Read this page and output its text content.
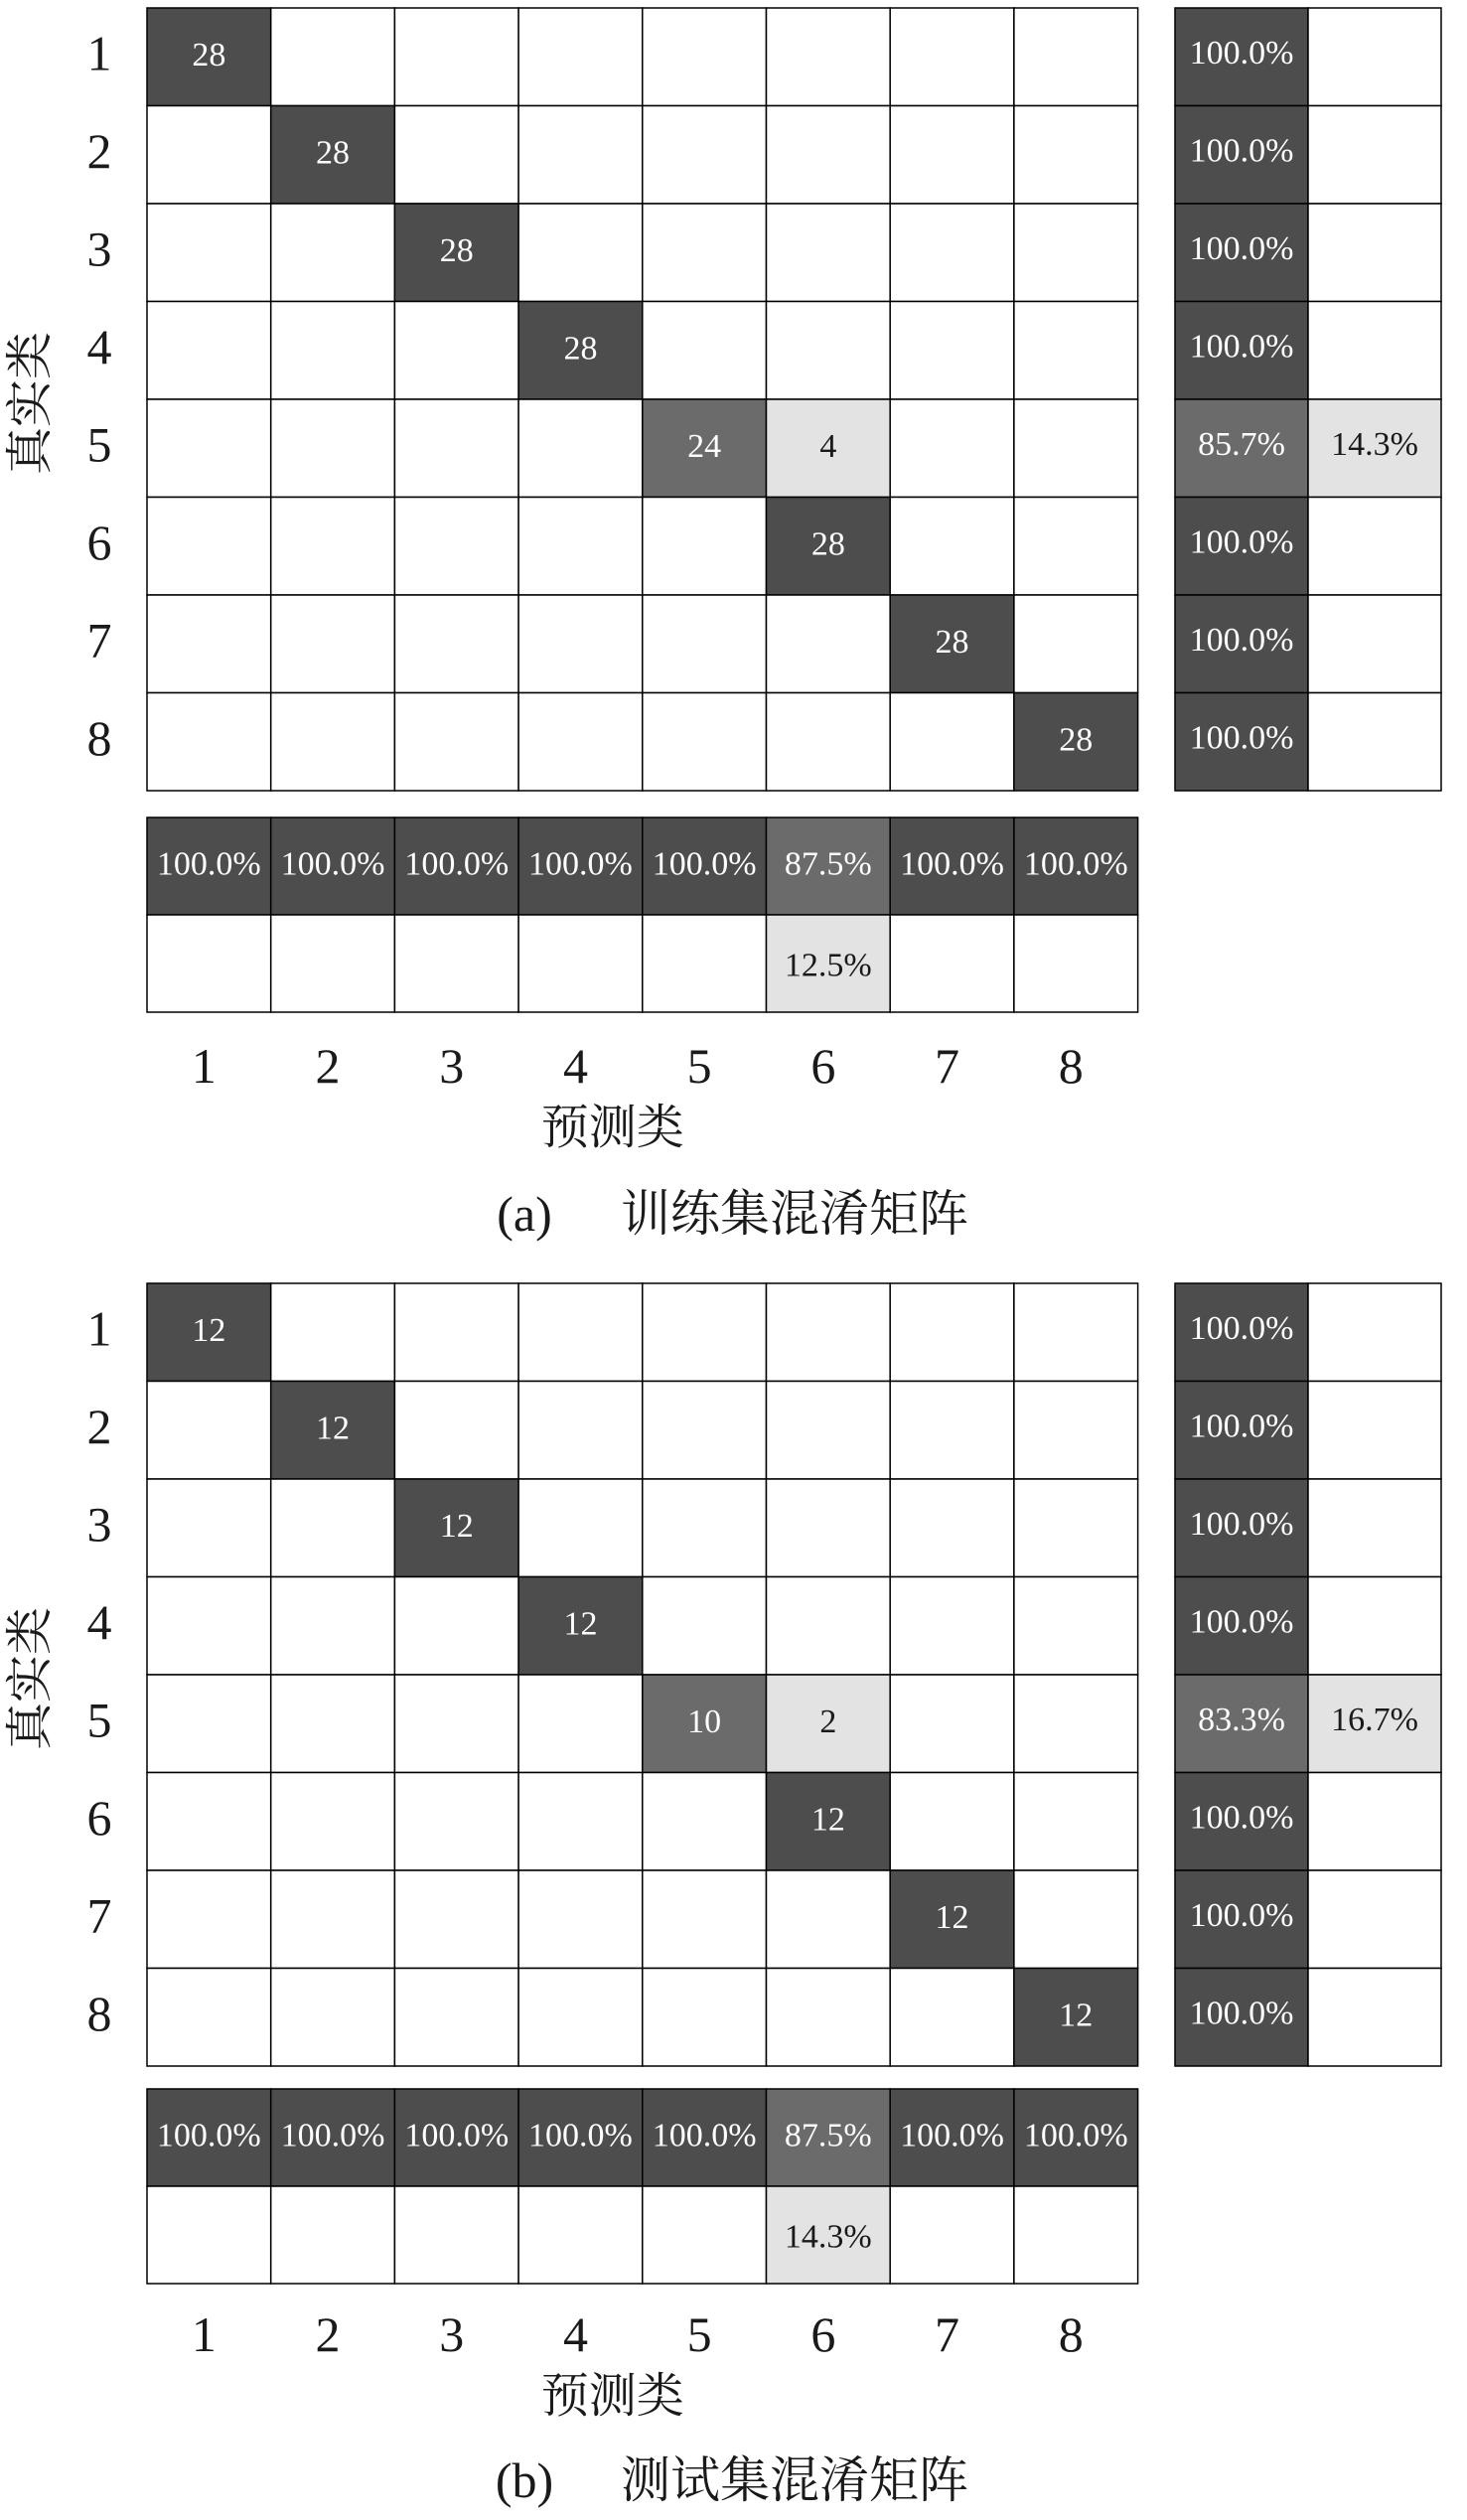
28
28
28
28
24	4
28
28
28
100.0%
100.0%
100.0%
100.0%
85.7% 14.3%
100.0%
100.0%
100.0%
100.0% 100.0% 100.0% 100.0% 100.0% 87.5%
12.5%
100.0% 100.0%
1
2
3
4
5
6
7
8
1 2 3 4 5 6 7 8
真实类
预测类
(a) 训练集混淆矩阵
12
12
12
12
10	2
12
12
12
100.0%
100.0%
100.0%
100.0%
83.3% 16.7%
100.0%
100.0%
100.0%
100.0% 100.0% 100.0% 100.0% 100.0% 87.5%
14.3%
100.0% 100.0%
1
2
3
4
5
6
7
8
1 2 3 4 5 6 7 8
真实类
预测类
(b) 测试集混淆矩阵
